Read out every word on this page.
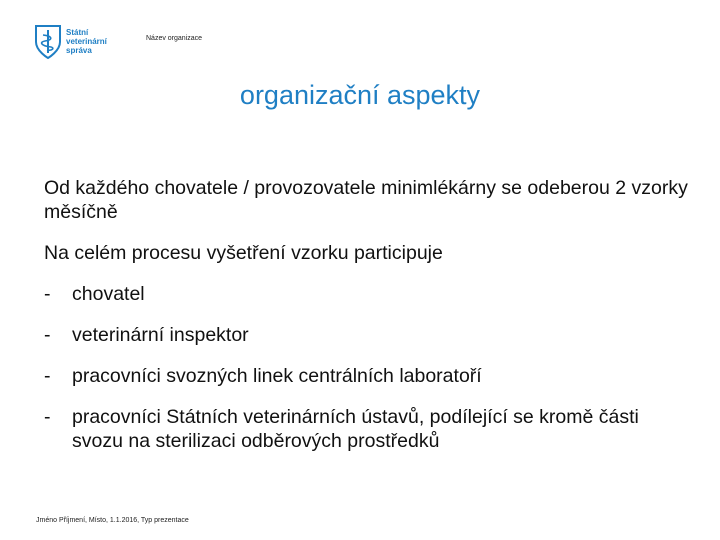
Státní
veterinární
správa
Název organizace
organizační aspekty

Od každého chovatele / provozovatele minimlékárny se odeberou 2 vzorky měsíčně

Na celém procesu vyšetření vzorku participuje

-	chovatel
-	veterinární inspektor
-	pracovníci svozných linek centrálních laboratoří
-	pracovníci Státních veterinárních ústavů, podílející se kromě části svozu na sterilizaci odběrových prostředků
Jméno Příjmení, Místo, 1.1.2016, Typ prezentace
